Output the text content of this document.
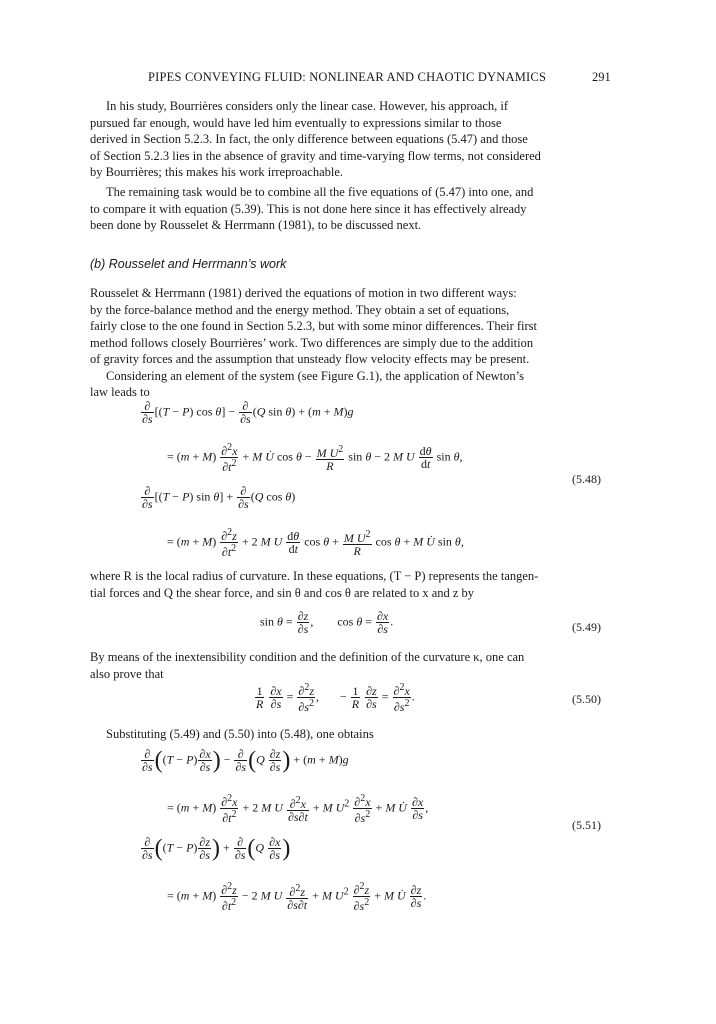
PIPES CONVEYING FLUID: NONLINEAR AND CHAOTIC DYNAMICS	291
In his study, Bourrières considers only the linear case. However, his approach, if
pursued far enough, would have led him eventually to expressions similar to those
derived in Section 5.2.3. In fact, the only difference between equations (5.47) and those
of Section 5.2.3 lies in the absence of gravity and time-varying flow terms, not considered
by Bourrières; this makes his work irreproachable.
The remaining task would be to combine all the five equations of (5.47) into one, and
to compare it with equation (5.39). This is not done here since it has effectively already
been done by Rousselet & Herrmann (1981), to be discussed next.
(b) Rousselet and Herrmann’s work
Rousselet & Herrmann (1981) derived the equations of motion in two different ways:
by the force-balance method and the energy method. They obtain a set of equations,
fairly close to the one found in Section 5.2.3, but with some minor differences. Their first
method follows closely Bourrières’ work. Two differences are simply due to the addition
of gravity forces and the assumption that unsteady flow velocity effects may be present.
Considering an element of the system (see Figure G.1), the application of Newton’s
law leads to
$\frac{\partial}{\partial s} [(T - P)$ $\cos \theta] - \frac{\partial}{\partial s} (Q$ sin θ) + (m + M)g
= $(m + M) \frac{\partial^2x}{\partial t^2} + M$ U̇ $\cos \theta - \frac{M U^2}{R}$ sin θ − 2 M U $\frac{d\theta}{dt}$ sin θ,
(5.48)
$\frac{\partial}{\partial s} [(T - P)$ $\sin \theta] + \frac{\partial}{\partial s} (Q$ cos θ)
= $(m + M) \frac{\partial^2z}{\partial t^2} + 2$ M U $\frac{d\theta}{dt}$ $\cos \theta + \frac{M U^2}{R}$ cos θ + M U̇ sin θ,
where R is the local radius of curvature. In these equations, (T − P) represents the tangen-
tial forces and Q the shear force, and sin θ and cos θ are related to x and z by
$\sin \theta = \frac{\partial z}{\partial s}$ ,        $\cos \theta = \frac{\partial x}{\partial s}$ .	(5.49)
By means of the inextensibility condition and the definition of the curvature κ, one can
also prove that
$\frac{1}{R}$
$\frac{\partial x}{\partial s} = \frac{\partial^2z}{\partial s^2}$ ,       − $\frac{1}{R}$
$\frac{\partial z}{\partial s} = \frac{\partial^2x}{\partial s^2}$ .	(5.50)
Substituting (5.49) and (5.50) into (5.48), one obtains
$\frac{\partial}{\partial s} ((T - P) \frac{\partial x}{\partial s}$ ) − $\frac{\partial}{\partial s} (Q \frac{\partial z}{\partial s}$ ) + (m + M)g
= $(m + M) \frac{\partial^2x}{\partial t^2} + 2$ M U $\frac{\partial^2x}{\partial s\partial t} + M$ $U^2 \frac{\partial^2x}{\partial s^2} + M$ U̇ $\frac{\partial x}{\partial s}$ ,
(5.51)
$\frac{\partial}{\partial s} ((T - P) \frac{\partial z}{\partial s}$ ) + $\frac{\partial}{\partial s} (Q \frac{\partial x}{\partial s}$ )
= $(m + M) \frac{\partial^2z}{\partial t^2} - 2$ M U $\frac{\partial^2z}{\partial s\partial t} + M$ $U^2 \frac{\partial^2z}{\partial s^2} + M$ U̇ $\frac{\partial z}{\partial s}$ .
